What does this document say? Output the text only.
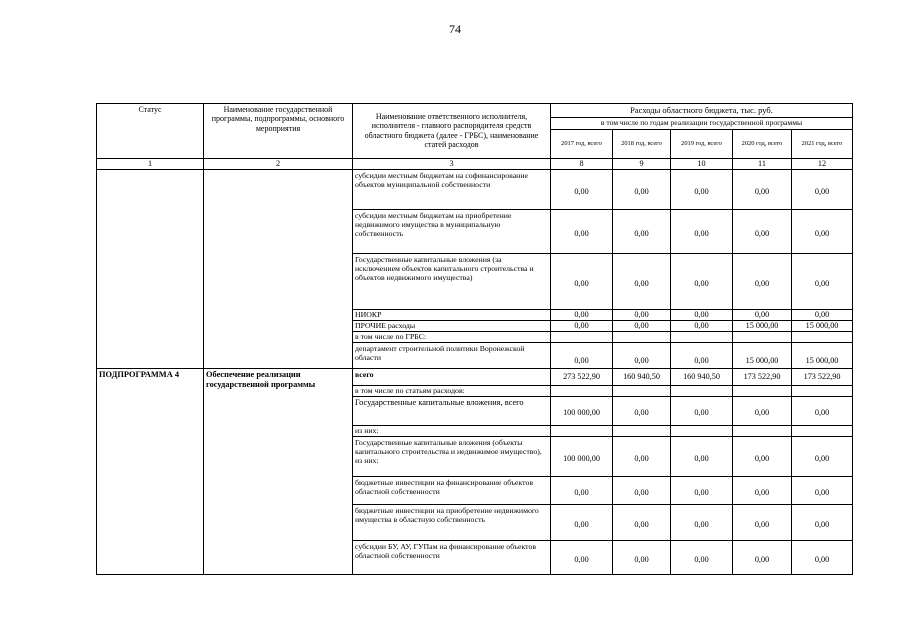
74
Статус	Наименование государственной программы, подпрограммы, основного мероприятия	Наименование ответственного исполнителя, исполнителя - главного распорядителя средств областного бюджета (далее - ГРБС), наименование статей расходов	Расходы областного бюджета, тыс. руб.				
			в том числе по годам реализации государственной программы				
			2017 год, всего	2018 год, всего	2019 год, всего	2020 год, всего	2021 год, всего
1	2	3	8	9	10	11	12
		субсидии местным бюджетам на софинансирование объектов муниципальной собственности	0,00	0,00	0,00	0,00	0,00
		субсидии местным бюджетам на приобретение недвижимого имущества в муниципальную собственность	0,00	0,00	0,00	0,00	0,00
		Государственные капитальные вложения (за исключением объектов капитального строительства и объектов недвижимого имущества)	0,00	0,00	0,00	0,00	0,00
		НИОКР	0,00	0,00	0,00	0,00	0,00
		ПРОЧИЕ расходы	0,00	0,00	0,00	15 000,00	15 000,00
		в том числе по ГРБС:					
		департамент строительной политики Воронежской области	0,00	0,00	0,00	15 000,00	15 000,00
ПОДПРОГРАММА 4	Обеспечение реализации государственной программы	всего	273 522,90	160 940,50	160 940,50	173 522,90	173 522,90
		в том числе по статьям расходов:					
		Государственные капитальные вложения, всего	100 000,00	0,00	0,00	0,00	0,00
		из них:					
		Государственные капитальные вложения (объекты капитального строительства и недвижимое имущество), из них:	100 000,00	0,00	0,00	0,00	0,00
		бюджетные инвестиции на финансирование объектов областной собственности	0,00	0,00	0,00	0,00	0,00
		бюджетные инвестиции на приобретение недвижимого имущества в областную собственность	0,00	0,00	0,00	0,00	0,00
		субсидии БУ, АУ, ГУПам на финансирование объектов областной собственности	0,00	0,00	0,00	0,00	0,00
